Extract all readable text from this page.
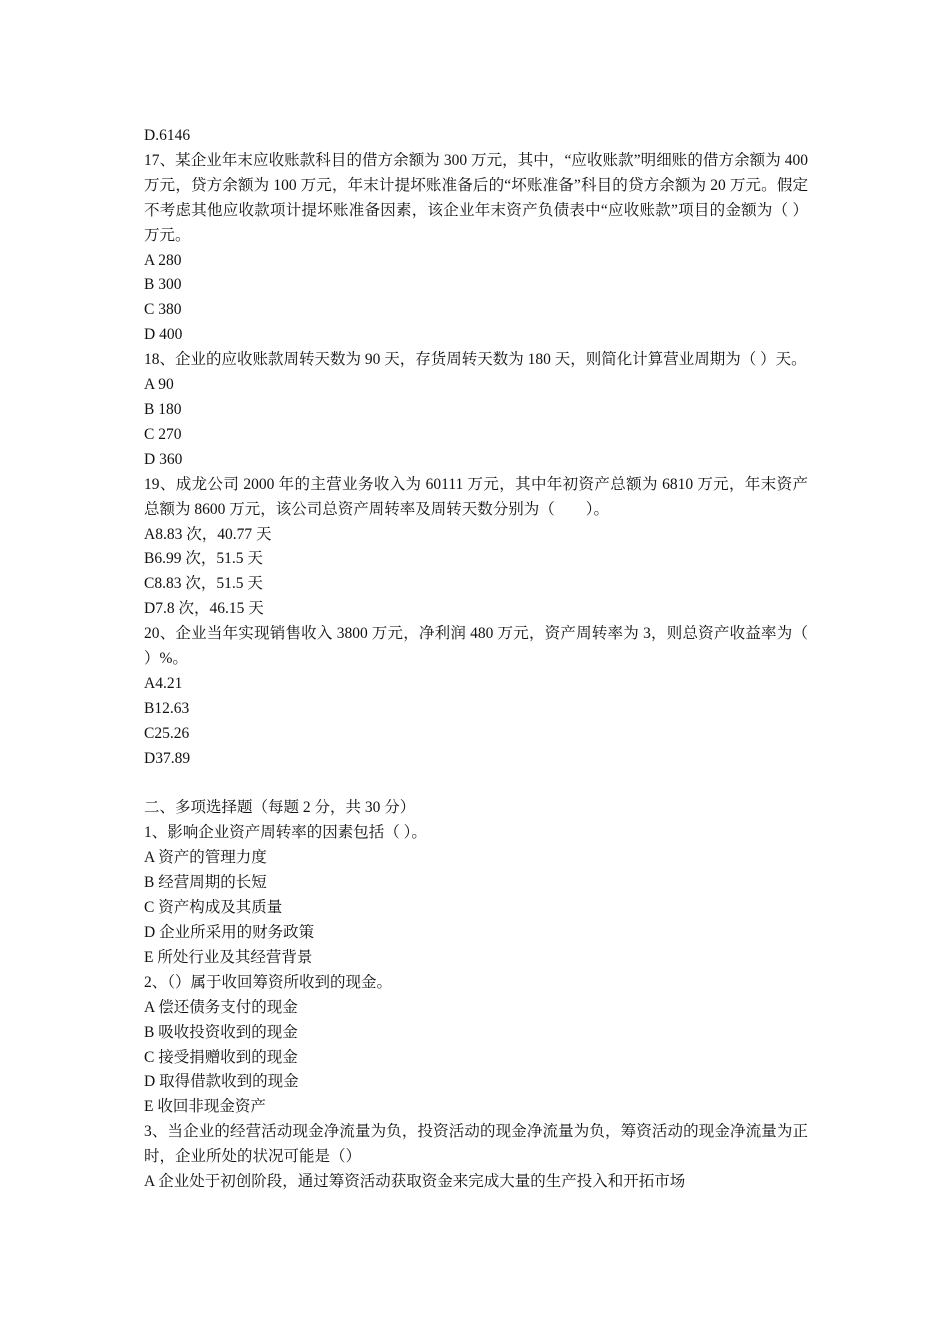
D.6146

17、某企业年末应收账款科目的借方余额为 300 万元，其中，“应收账款”明细账的借方余额为 400 万元，贷方余额为 100 万元，年末计提坏账准备后的“坏账准备”科目的贷方余额为 20 万元。假定不考虑其他应收款项计提坏账准备因素，该企业年末资产负债表中“应收账款”项目的金额为（ ）万元。

A 280

B 300

C 380

D 400

18、企业的应收账款周转天数为 90 天，存货周转天数为 180 天，则简化计算营业周期为（ ）天。

A 90

B 180

C 270

D 360

19、成龙公司 2000 年的主营业务收入为 60111 万元，其中年初资产总额为 6810 万元，年末资产总额为 8600 万元，该公司总资产周转率及周转天数分别为（　　）。

A8.83 次，40.77 天

B6.99 次，51.5 天

C8.83 次，51.5 天

D7.8 次，46.15 天

20、企业当年实现销售收入 3800 万元，净利润 480 万元，资产周转率为 3，则总资产收益率为（ ）%。

A4.21

B12.63

C25.26

D37.89

二、多项选择题（每题 2 分，共 30 分）

1、影响企业资产周转率的因素包括（ ）。

A 资产的管理力度

B 经营周期的长短

C 资产构成及其质量

D 企业所采用的财务政策

E 所处行业及其经营背景

2、（）属于收回筹资所收到的现金。

A 偿还债务支付的现金

B 吸收投资收到的现金

C 接受捐赠收到的现金

D 取得借款收到的现金

E 收回非现金资产

3、当企业的经营活动现金净流量为负，投资活动的现金净流量为负，筹资活动的现金净流量为正时，企业所处的状况可能是（）

A 企业处于初创阶段，通过筹资活动获取资金来完成大量的生产投入和开拓市场
